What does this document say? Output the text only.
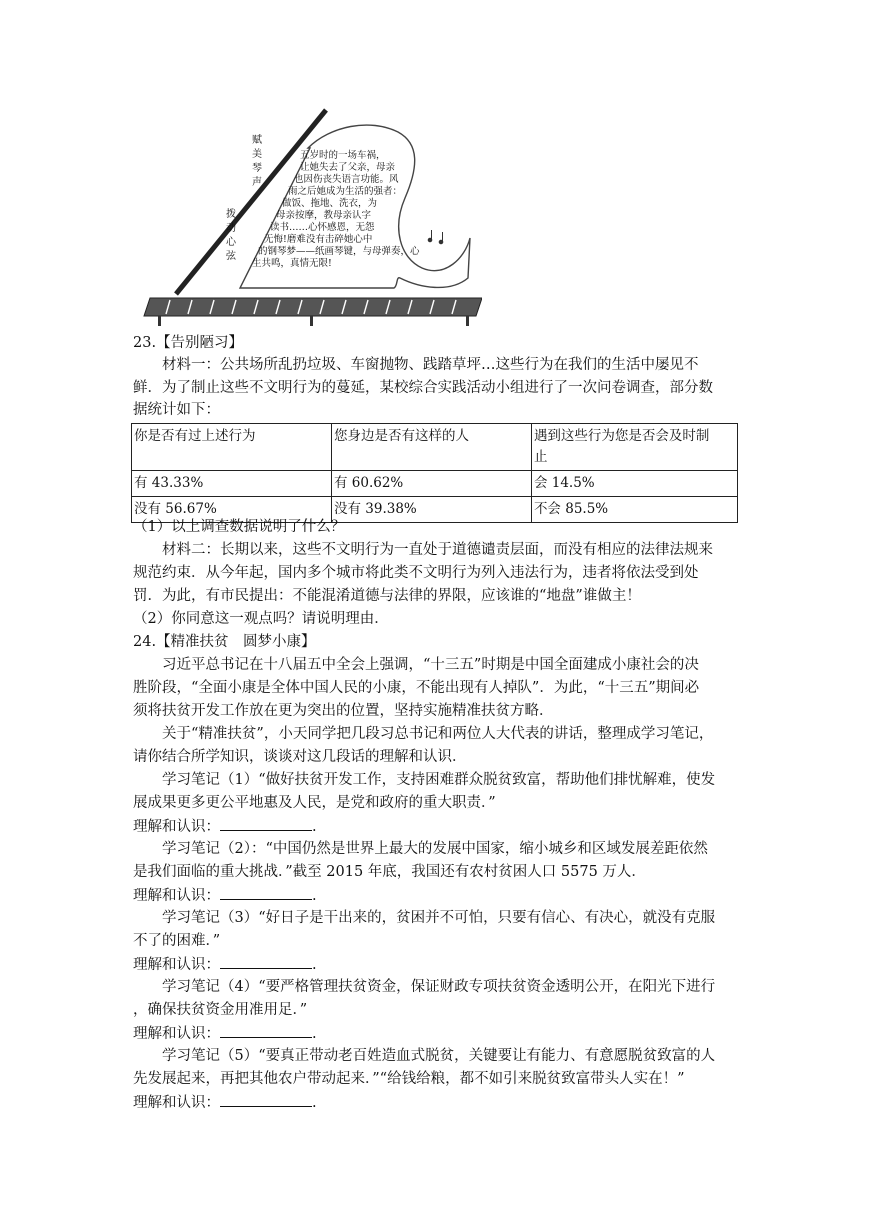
赋 美 琴 声
拨 动 心 弦
五岁时的一场车祸，
让她失去了父亲，母亲
也因伤丧失语言功能。风
雨之后她成为生活的强者：
做饭、拖地、洗衣，为
母亲按摩，教母亲认字
读书……心怀感恩，无怨
无悔!磨难没有击碎她心中
的钢琴梦——纸画琴键，与母弹奏，心
生共鸣，真情无限!
23.【告别陋习】
材料一：公共场所乱扔垃圾、车窗抛物、践踏草坪…这些行为在我们的生活中屡见不
鲜．为了制止这些不文明行为的蔓延，某校综合实践活动小组进行了一次问卷调查，部分数
据统计如下：
你是否有过上述行为	您身边是否有这样的人	遇到这些行为您是否会及时制
止

有 43.33%	有 60.62%	会 14.5%
没有 56.67%	没有 39.38%	不会 85.5%
（1）以上调查数据说明了什么？
材料二：长期以来，这些不文明行为一直处于道德谴责层面，而没有相应的法律法规来
规范约束．从今年起，国内多个城市将此类不文明行为列入违法行为，违者将依法受到处
罚．为此，有市民提出：不能混淆道德与法律的界限，应该谁的“地盘”谁做主！
（2）你同意这一观点吗？请说明理由．
24.【精准扶贫　圆梦小康】
习近平总书记在十八届五中全会上强调，“十三五”时期是中国全面建成小康社会的决
胜阶段，“全面小康是全体中国人民的小康，不能出现有人掉队”．为此，“十三五”期间必
须将扶贫开发工作放在更为突出的位置，坚持实施精准扶贫方略．
关于“精准扶贫”，小天同学把几段习总书记和两位人大代表的讲话，整理成学习笔记，
请你结合所学知识，谈谈对这几段话的理解和认识．
学习笔记（1）“做好扶贫开发工作，支持困难群众脱贫致富，帮助他们排忧解难，使发
展成果更多更公平地惠及人民，是党和政府的重大职责．”
理解和认识：	.
学习笔记（2）：“中国仍然是世界上最大的发展中国家，缩小城乡和区域发展差距依然
是我们面临的重大挑战．”截至 2015 年底，我国还有农村贫困人口 5575 万人．
理解和认识：	.
学习笔记（3）“好日子是干出来的，贫困并不可怕，只要有信心、有决心，就没有克服
不了的困难．”
理解和认识：	.
学习笔记（4）“要严格管理扶贫资金，保证财政专项扶贫资金透明公开，在阳光下进行
，确保扶贫资金用准用足．”
理解和认识：	.
学习笔记（5）“要真正带动老百姓造血式脱贫，关键要让有能力、有意愿脱贫致富的人
先发展起来，再把其他农户带动起来．”“给钱给粮，都不如引来脱贫致富带头人实在！”
理解和认识：	.
